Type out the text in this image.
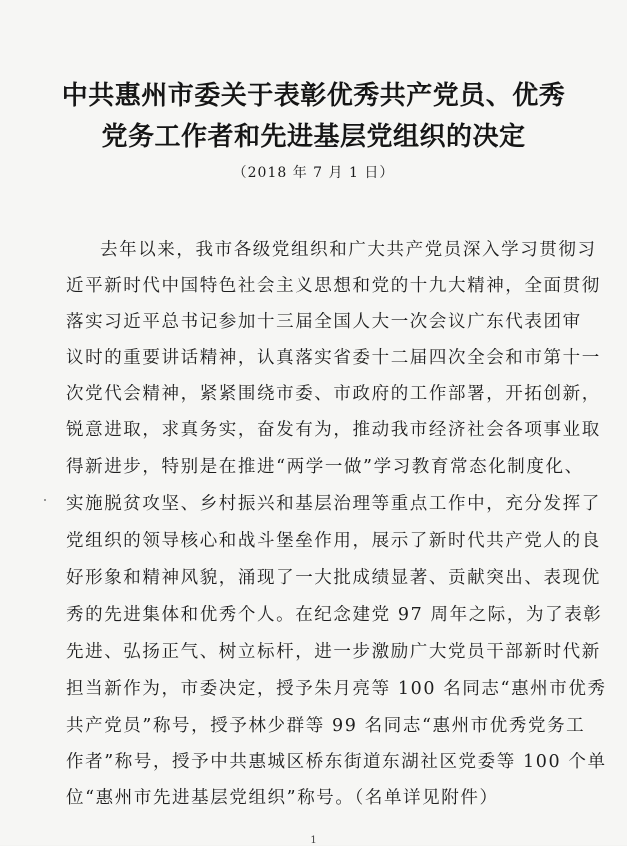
中共惠州市委关于表彰优秀共产党员、优秀
党务工作者和先进基层党组织的决定
（2018 年 7 月 1 日）
去年以来，我市各级党组织和广大共产党员深入学习贯彻习
近平新时代中国特色社会主义思想和党的十九大精神，全面贯彻
落实习近平总书记参加十三届全国人大一次会议广东代表团审
议时的重要讲话精神，认真落实省委十二届四次全会和市第十一
次党代会精神，紧紧围绕市委、市政府的工作部署，开拓创新，
锐意进取，求真务实，奋发有为，推动我市经济社会各项事业取
得新进步，特别是在推进“两学一做”学习教育常态化制度化、
实施脱贫攻坚、乡村振兴和基层治理等重点工作中，充分发挥了
党组织的领导核心和战斗堡垒作用，展示了新时代共产党人的良
好形象和精神风貌，涌现了一大批成绩显著、贡献突出、表现优
秀的先进集体和优秀个人。在纪念建党 97 周年之际，为了表彰
先进、弘扬正气、树立标杆，进一步激励广大党员干部新时代新
担当新作为，市委决定，授予朱月亮等 100 名同志“惠州市优秀
共产党员”称号，授予林少群等 99 名同志“惠州市优秀党务工
作者”称号，授予中共惠城区桥东街道东湖社区党委等 100 个单
位“惠州市先进基层党组织”称号。（名单详见附件）
1
